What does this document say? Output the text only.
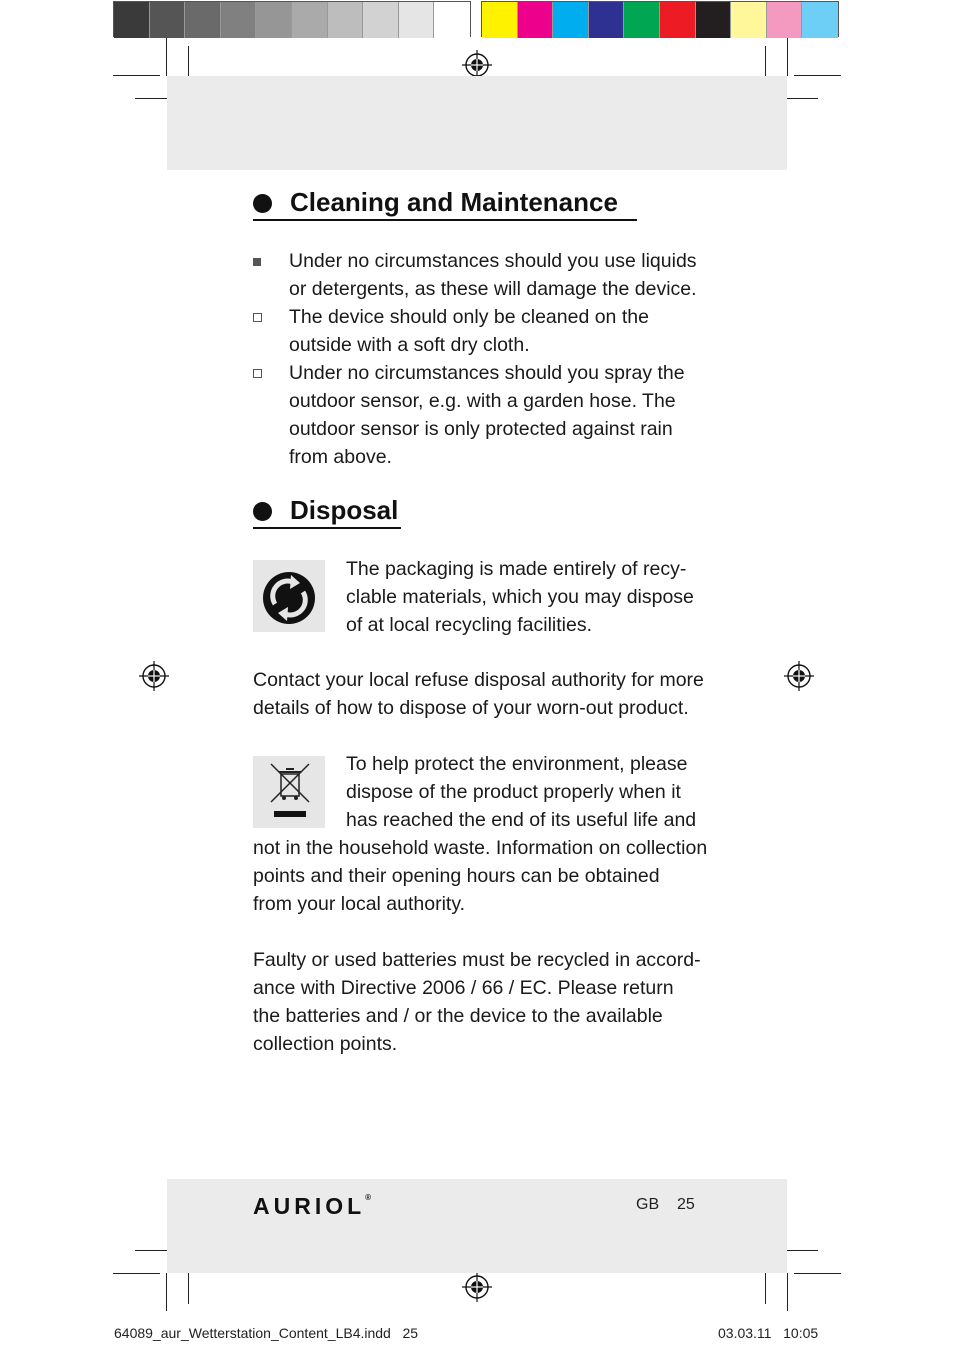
Cleaning and Maintenance
Under no circumstances should you use liquids
or detergents, as these will damage the device.
The device should only be cleaned on the
outside with a soft dry cloth.
Under no circumstances should you spray the
outdoor sensor, e.g. with a garden hose. The
outdoor sensor is only protected against rain
from above.
Disposal
The packaging is made entirely of recy-
clable materials, which you may dispose
of at local recycling facilities.
Contact your local refuse disposal authority for more
details of how to dispose of your worn-out product.
To help protect the environment, please
dispose of the product properly when it
has reached the end of its useful life and
not in the household waste. Information on collection
points and their opening hours can be obtained
from your local authority.
Faulty or used batteries must be recycled in accord-
ance with Directive 2006 / 66 / EC. Please return
the batteries and / or the device to the available
collection points.
AURIOL®	GB 25
64089_aur_Wetterstation_Content_LB4.indd   25	03.03.11   10:05
